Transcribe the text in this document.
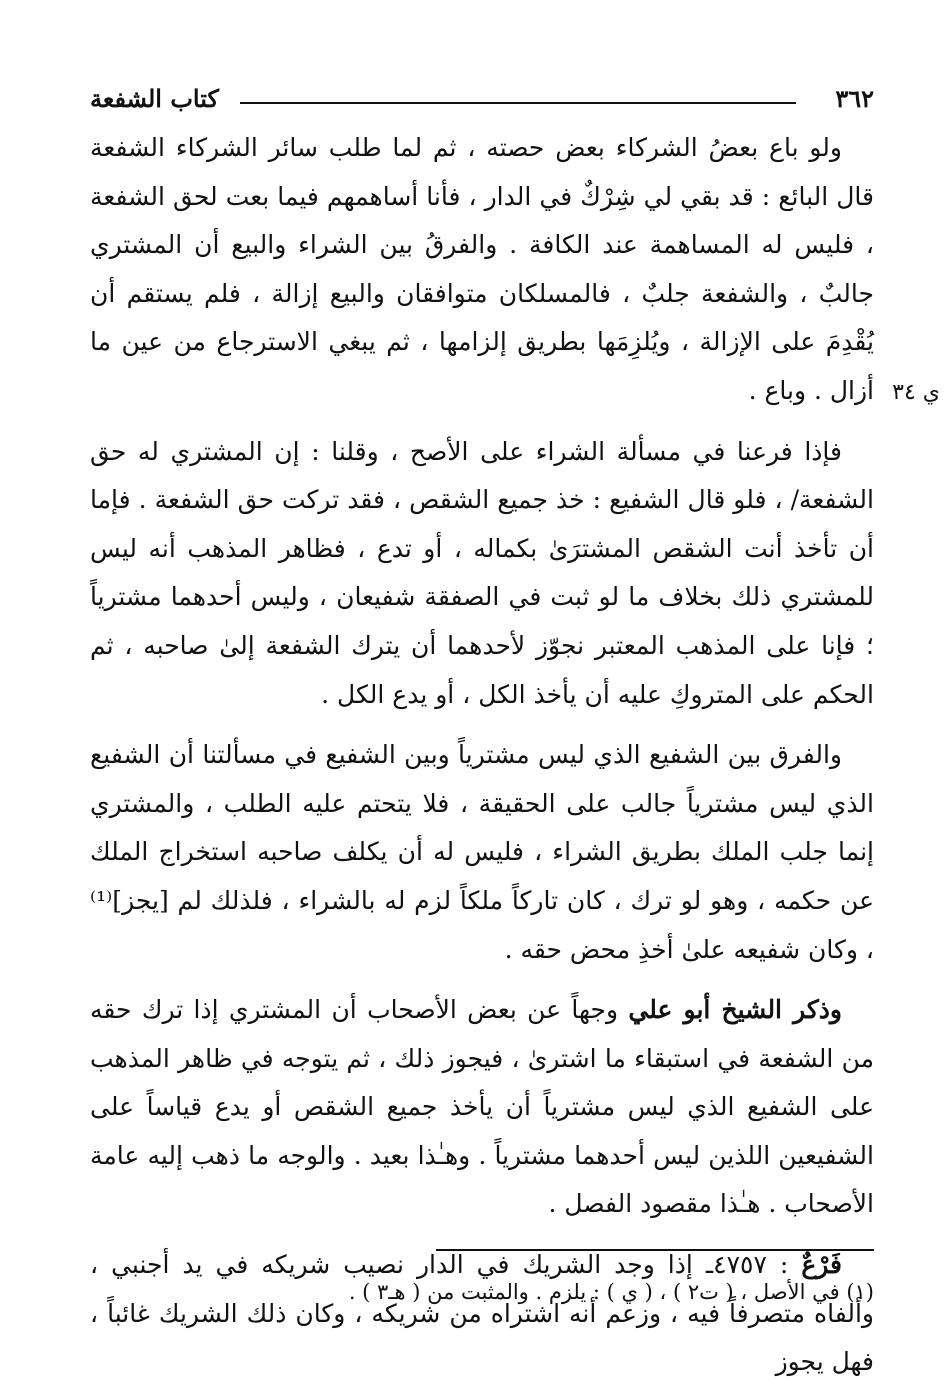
٣٦٢
كتاب الشفعة

ولو باع بعضُ الشركاء بعض حصته ، ثم لما طلب سائر الشركاء الشفعة قال البائع : قد بقي لي شِرْكٌ في الدار ، فأنا أساهمهم فيما بعت لحق الشفعة ، فليس له المساهمة عند الكافة . والفرقُ بين الشراء والبيع أن المشتري جالبٌ ، والشفعة جلبٌ ، فالمسلكان متوافقان والبيع إزالة ، فلم يستقم أن يُقْدِمَ على الإزالة ، ويُلزِمَها بطريق إلزامها ، ثم يبغي الاسترجاع من عين ما أزال . وباع .

فإذا فرعنا في مسألة الشراء على الأصح ، وقلنا : إن المشتري له حق الشفعة/ ، فلو قال الشفيع : خذ جميع الشقص ، فقد تركت حق الشفعة . فإما أن تأخذ أنت الشقص المشترَىٰ بكماله ، أو تدع ، فظاهر المذهب أنه ليس للمشتري ذلك بخلاف ما لو ثبت في الصفقة شفيعان ، وليس أحدهما مشترياً ؛ فإنا على المذهب المعتبر نجوّز لأحدهما أن يترك الشفعة إلىٰ صاحبه ، ثم الحكم على المتروكِ عليه أن يأخذ الكل ، أو يدع الكل .

والفرق بين الشفيع الذي ليس مشترياً وبين الشفيع في مسألتنا أن الشفيع الذي ليس مشترياً جالب على الحقيقة ، فلا يتحتم عليه الطلب ، والمشتري إنما جلب الملك بطريق الشراء ، فليس له أن يكلف صاحبه استخراج الملك عن حكمه ، وهو لو ترك ، كان تاركاً ملكاً لزم له بالشراء ، فلذلك لم [يجز]⁽¹⁾ ، وكان شفيعه علىٰ أخذِ محض حقه .

وذكر الشيخ أبو علي وجهاً عن بعض الأصحاب أن المشتري إذا ترك حقه من الشفعة في استبقاء ما اشترىٰ ، فيجوز ذلك ، ثم يتوجه في ظاهر المذهب على الشفيع الذي ليس مشترياً أن يأخذ جميع الشقص أو يدع قياساً على الشفيعين اللذين ليس أحدهما مشترياً . وهـٰذا بعيد . والوجه ما ذهب إليه عامة الأصحاب . هـٰذا مقصود الفصل .

فَرْعٌ : ٤٧٥٧ـ إذا وجد الشريك في الدار نصيب شريكه في يد أجنبي ، وألفاه متصرفاً فيه ، وزعم أنه اشتراه من شريكه ، وكان ذلك الشريك غائباً ، فهل يجوز

ي ٣٤
(١) في الأصل ، ( ت٢ ) ، ( ي ) : يلزم . والمثبت من ( هـ٣ ) .
